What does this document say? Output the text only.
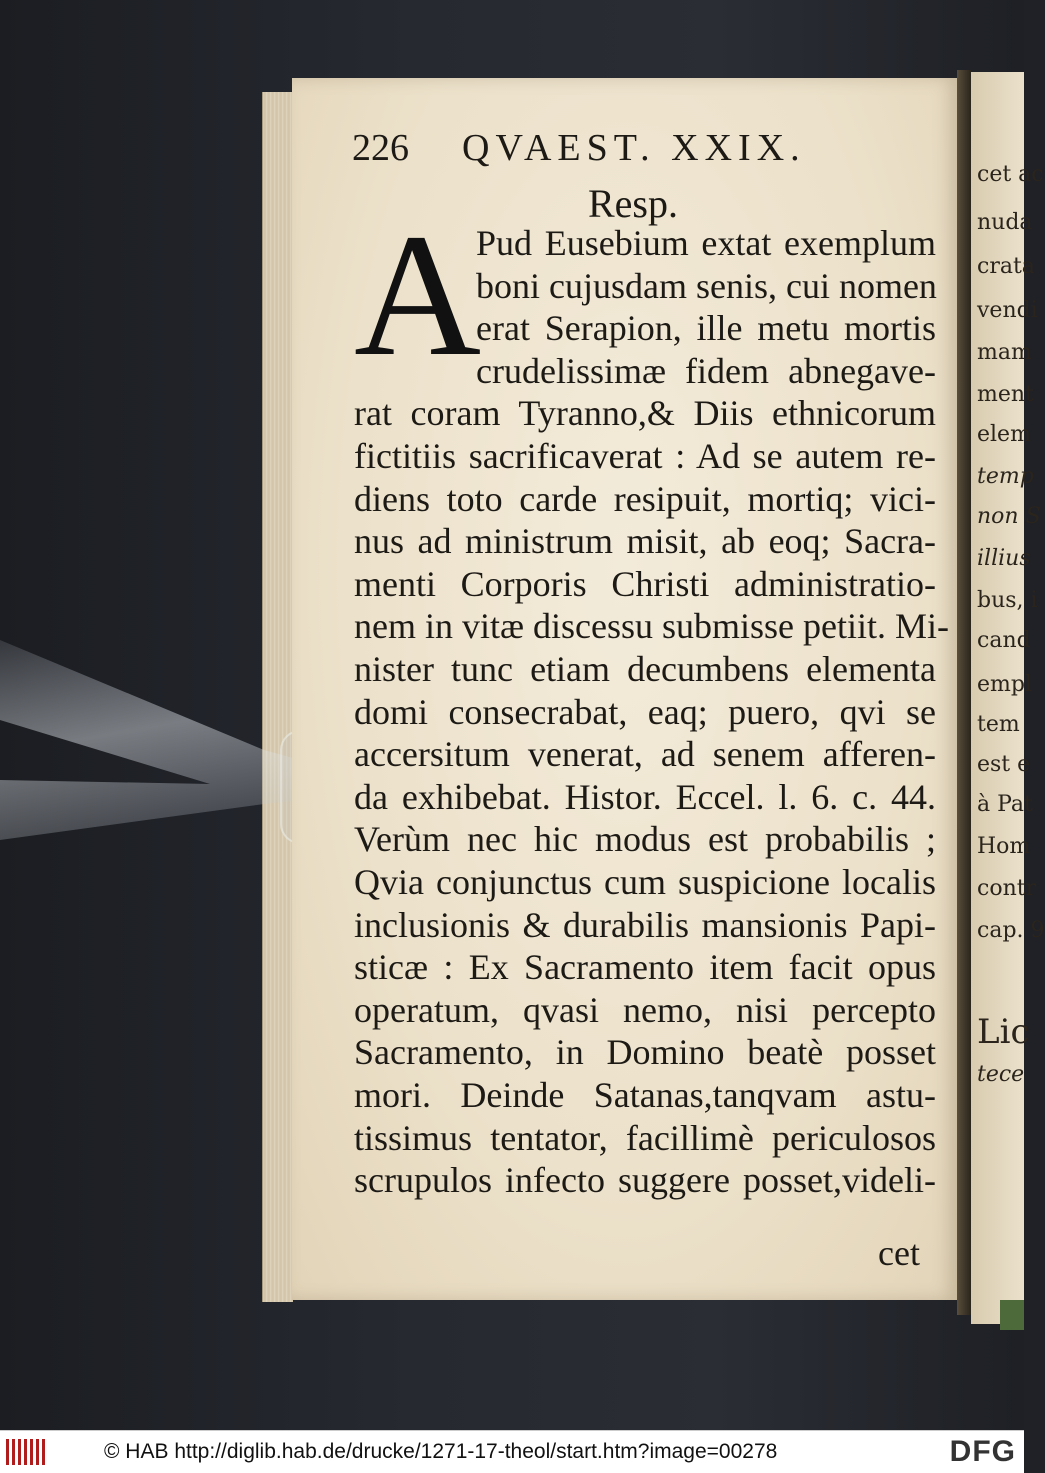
cet ac
nuda
crata
vendi
mam
ment
elem
temp
non S
illius
bus, i
cand
empl
tem
est e
à Pat
Hom
contr
cap. 9
Lic
tece
226 QVAEST. XXIX.
Resp.
A
Pud Eusebium extat exemplum
boni cujusdam senis, cui nomen
erat Serapion, ille metu mortis
crudelissimæ fidem abnegave-
rat coram Tyranno,& Diis ethnicorum
fictitiis sacrificaverat : Ad se autem re-
diens toto carde resipuit, mortiq; vici-
nus ad ministrum misit, ab eoq; Sacra-
menti Corporis Christi administratio-
nem in vitæ discessu submisse petiit. Mi-
nister tunc etiam decumbens elementa
domi consecrabat, eaq; puero, qvi se
accersitum venerat, ad senem afferen-
da exhibebat. Histor. Eccel. l. 6. c. 44.
Verùm nec hic modus est probabilis ;
Qvia conjunctus cum suspicione localis
inclusionis & durabilis mansionis Papi-
sticæ : Ex Sacramento item facit opus
operatum, qvasi nemo, nisi percepto
Sacramento, in Domino beatè posset
mori. Deinde Satanas,tanqvam astu-
tissimus tentator, facillimè periculosos
scrupulos infecto suggere posset,videli-
cet
© HAB http://diglib.hab.de/drucke/1271-17-theol/start.htm?image=00278	DFG
